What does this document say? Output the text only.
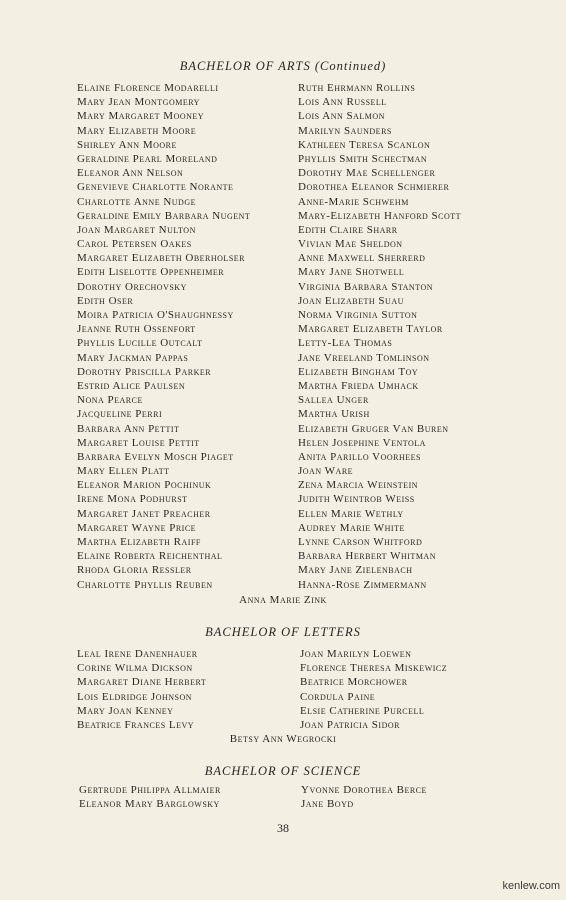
BACHELOR OF ARTS (Continued)
Elaine Florence Modarelli
Mary Jean Montgomery
Mary Margaret Mooney
Mary Elizabeth Moore
Shirley Ann Moore
Geraldine Pearl Moreland
Eleanor Ann Nelson
Genevieve Charlotte Norante
Charlotte Anne Nudge
Geraldine Emily Barbara Nugent
Joan Margaret Nulton
Carol Petersen Oakes
Margaret Elizabeth Oberholser
Edith Liselotte Oppenheimer
Dorothy Orechovsky
Edith Oser
Moira Patricia O'Shaughnessy
Jeanne Ruth Ossenfort
Phyllis Lucille Outcalt
Mary Jackman Pappas
Dorothy Priscilla Parker
Estrid Alice Paulsen
Nona Pearce
Jacqueline Perri
Barbara Ann Pettit
Margaret Louise Pettit
Barbara Evelyn Mosch Piaget
Mary Ellen Platt
Eleanor Marion Pochinuk
Irene Mona Podhurst
Margaret Janet Preacher
Margaret Wayne Price
Martha Elizabeth Raiff
Elaine Roberta Reichenthal
Rhoda Gloria Ressler
Charlotte Phyllis Reuben
Ruth Ehrmann Rollins
Lois Ann Russell
Lois Ann Salmon
Marilyn Saunders
Kathleen Teresa Scanlon
Phyllis Smith Schectman
Dorothy Mae Schellenger
Dorothea Eleanor Schmierer
Anne-Marie Schwehm
Mary-Elizabeth Hanford Scott
Edith Claire Sharr
Vivian Mae Sheldon
Anne Maxwell Sherrerd
Mary Jane Shotwell
Virginia Barbara Stanton
Joan Elizabeth Suau
Norma Virginia Sutton
Margaret Elizabeth Taylor
Letty-Lea Thomas
Jane Vreeland Tomlinson
Elizabeth Bingham Toy
Martha Frieda Umhack
Sallea Unger
Martha Urish
Elizabeth Gruger Van Buren
Helen Josephine Ventola
Anita Parillo Voorhees
Joan Ware
Zena Marcia Weinstein
Judith Weintrob Weiss
Ellen Marie Wethly
Audrey Marie White
Lynne Carson Whitford
Barbara Herbert Whitman
Mary Jane Zielenbach
Hanna-Rose Zimmermann
Anna Marie Zink
BACHELOR OF LETTERS
Leal Irene Danenhauer
Corine Wilma Dickson
Margaret Diane Herbert
Lois Eldridge Johnson
Mary Joan Kenney
Beatrice Frances Levy
Joan Marilyn Loewen
Florence Theresa Miskewicz
Beatrice Morchower
Cordula Paine
Elsie Catherine Purcell
Joan Patricia Sidor
Betsy Ann Wegrocki
BACHELOR OF SCIENCE
Gertrude Philippa Allmaier
Eleanor Mary Barglowsky
Yvonne Dorothea Berce
Jane Boyd
38
kenlew.com
